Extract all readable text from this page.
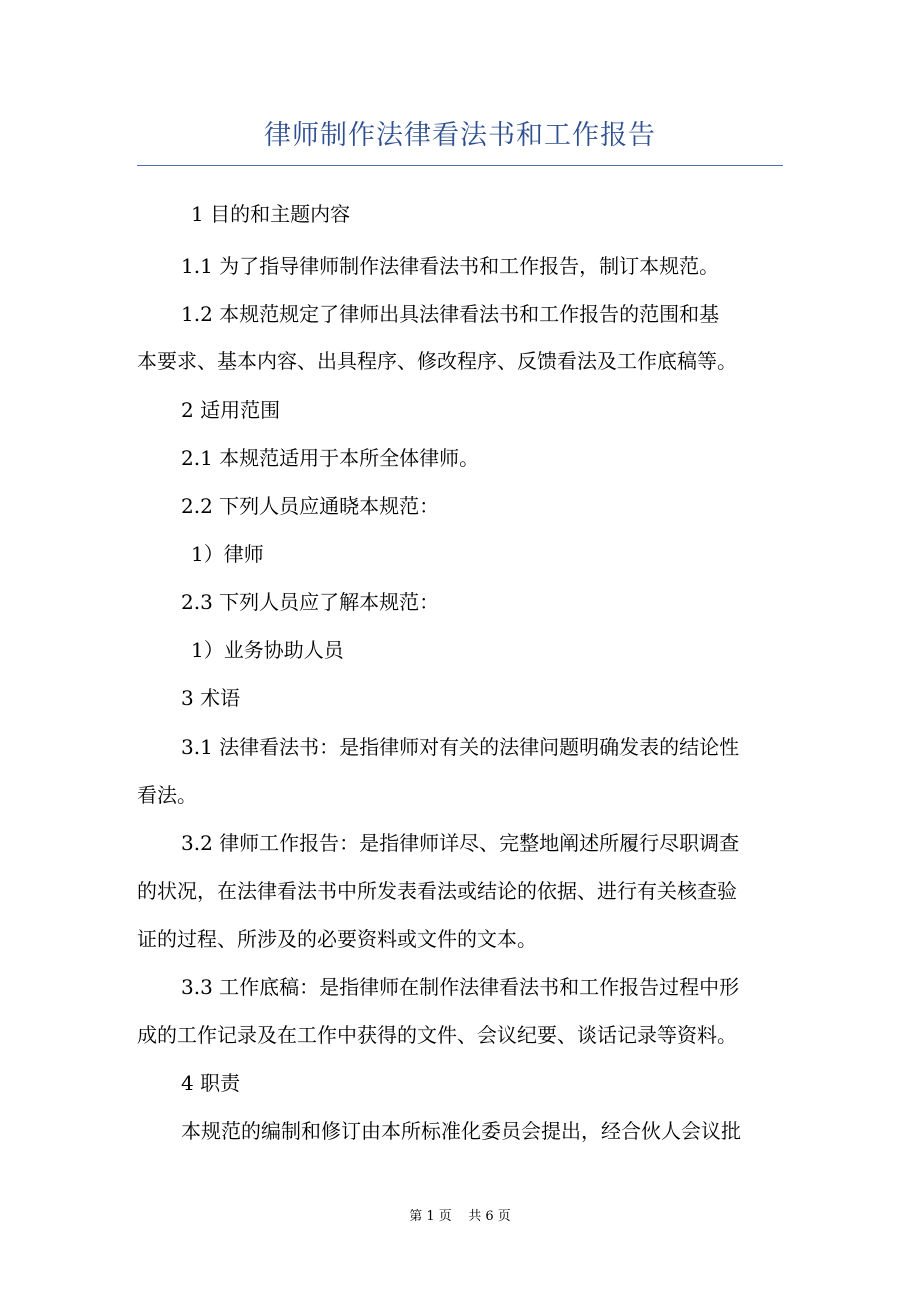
律师制作法律看法书和工作报告
1 目的和主题内容
1.1 为了指导律师制作法律看法书和工作报告，制订本规范。
1.2 本规范规定了律师出具法律看法书和工作报告的范围和基
本要求、基本内容、出具程序、修改程序、反馈看法及工作底稿等。
2 适用范围
2.1 本规范适用于本所全体律师。
2.2 下列人员应通晓本规范：
1）律师
2.3 下列人员应了解本规范：
1）业务协助人员
3 术语
3.1 法律看法书：是指律师对有关的法律问题明确发表的结论性
看法。
3.2 律师工作报告：是指律师详尽、完整地阐述所履行尽职调查
的状况，在法律看法书中所发表看法或结论的依据、进行有关核查验
证的过程、所涉及的必要资料或文件的文本。
3.3 工作底稿：是指律师在制作法律看法书和工作报告过程中形
成的工作记录及在工作中获得的文件、会议纪要、谈话记录等资料。
4 职责
本规范的编制和修订由本所标准化委员会提出，经合伙人会议批
第 1 页 共 6 页
